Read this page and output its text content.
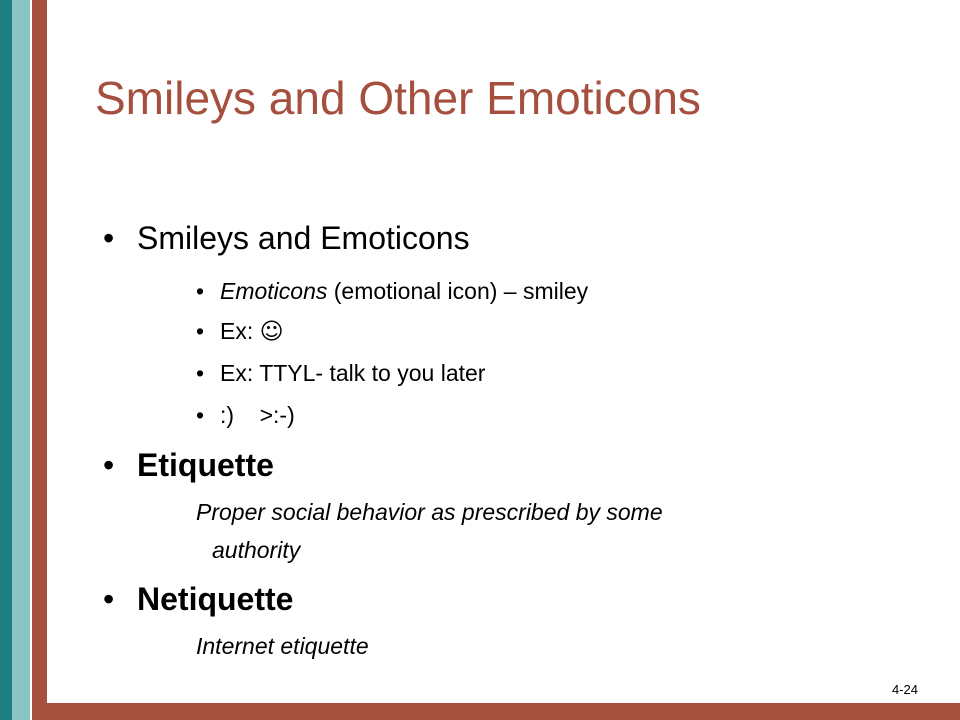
Smileys and Other Emoticons
• Smileys and Emoticons
• Emoticons (emotional icon) – smiley
• Ex: ☺
• Ex: TTYL- talk to you later
• :)    >:-)
• Etiquette
Proper social behavior as prescribed by some
authority
• Netiquette
Internet etiquette
4-24
